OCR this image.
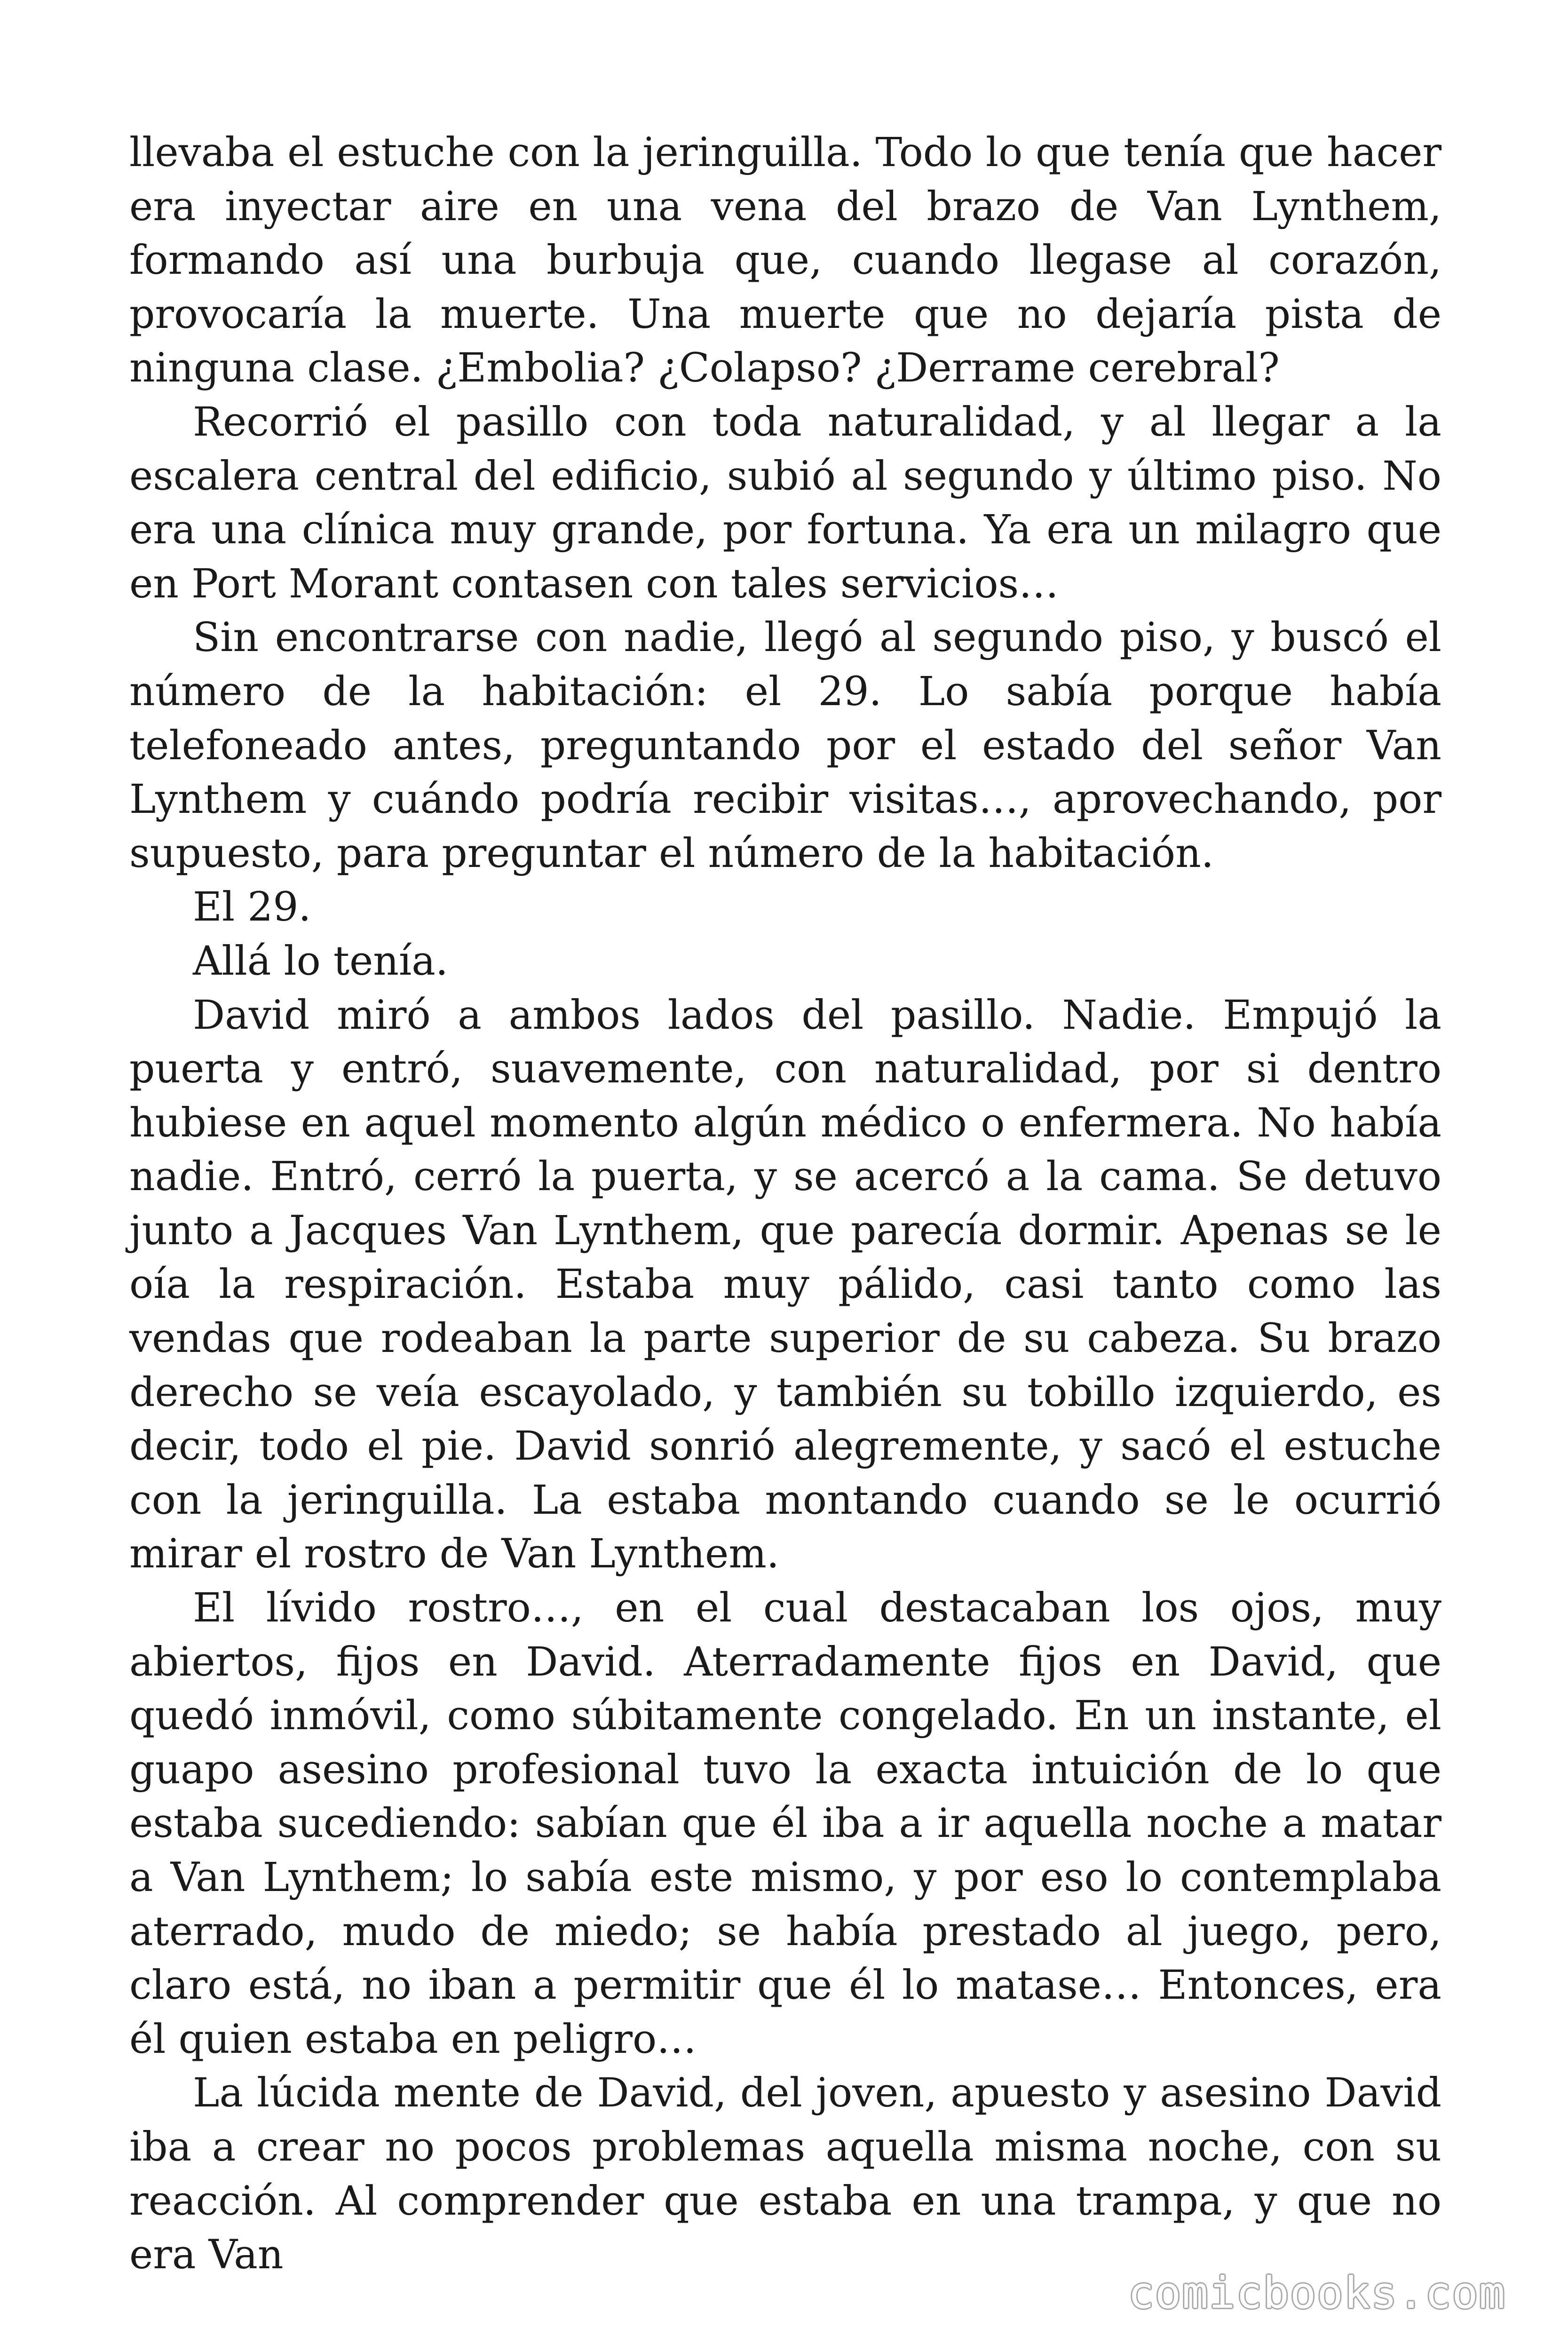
llevaba el estuche con la jeringuilla. Todo lo que tenía que hacer era inyectar aire en una vena del brazo de Van Lynthem, formando así una burbuja que, cuando llegase al corazón, provocaría la muerte. Una muerte que no dejaría pista de ninguna clase. ¿Embolia? ¿Colapso? ¿Derrame cerebral?

Recorrió el pasillo con toda naturalidad, y al llegar a la escalera central del edificio, subió al segundo y último piso. No era una clínica muy grande, por fortuna. Ya era un milagro que en Port Morant contasen con tales servicios…

Sin encontrarse con nadie, llegó al segundo piso, y buscó el número de la habitación: el 29. Lo sabía porque había telefoneado antes, preguntando por el estado del señor Van Lynthem y cuándo podría recibir visitas…, aprovechando, por supuesto, para preguntar el número de la habitación.

El 29.

Allá lo tenía.

David miró a ambos lados del pasillo. Nadie. Empujó la puerta y entró, suavemente, con naturalidad, por si dentro hubiese en aquel momento algún médico o enfermera. No había nadie. Entró, cerró la puerta, y se acercó a la cama. Se detuvo junto a Jacques Van Lynthem, que parecía dormir. Apenas se le oía la respiración. Estaba muy pálido, casi tanto como las vendas que rodeaban la parte superior de su cabeza. Su brazo derecho se veía escayolado, y también su tobillo izquierdo, es decir, todo el pie. David sonrió alegremente, y sacó el estuche con la jeringuilla. La estaba montando cuando se le ocurrió mirar el rostro de Van Lynthem.

El lívido rostro…, en el cual destacaban los ojos, muy abiertos, fijos en David. Aterradamente fijos en David, que quedó inmóvil, como súbitamente congelado. En un instante, el guapo asesino profesional tuvo la exacta intuición de lo que estaba sucediendo: sabían que él iba a ir aquella noche a matar a Van Lynthem; lo sabía este mismo, y por eso lo contemplaba aterrado, mudo de miedo; se había prestado al juego, pero, claro está, no iban a permitir que él lo matase… Entonces, era él quien estaba en peligro…

La lúcida mente de David, del joven, apuesto y asesino David iba a crear no pocos problemas aquella misma noche, con su reacción. Al comprender que estaba en una trampa, y que no era Van

comicbooks.com
